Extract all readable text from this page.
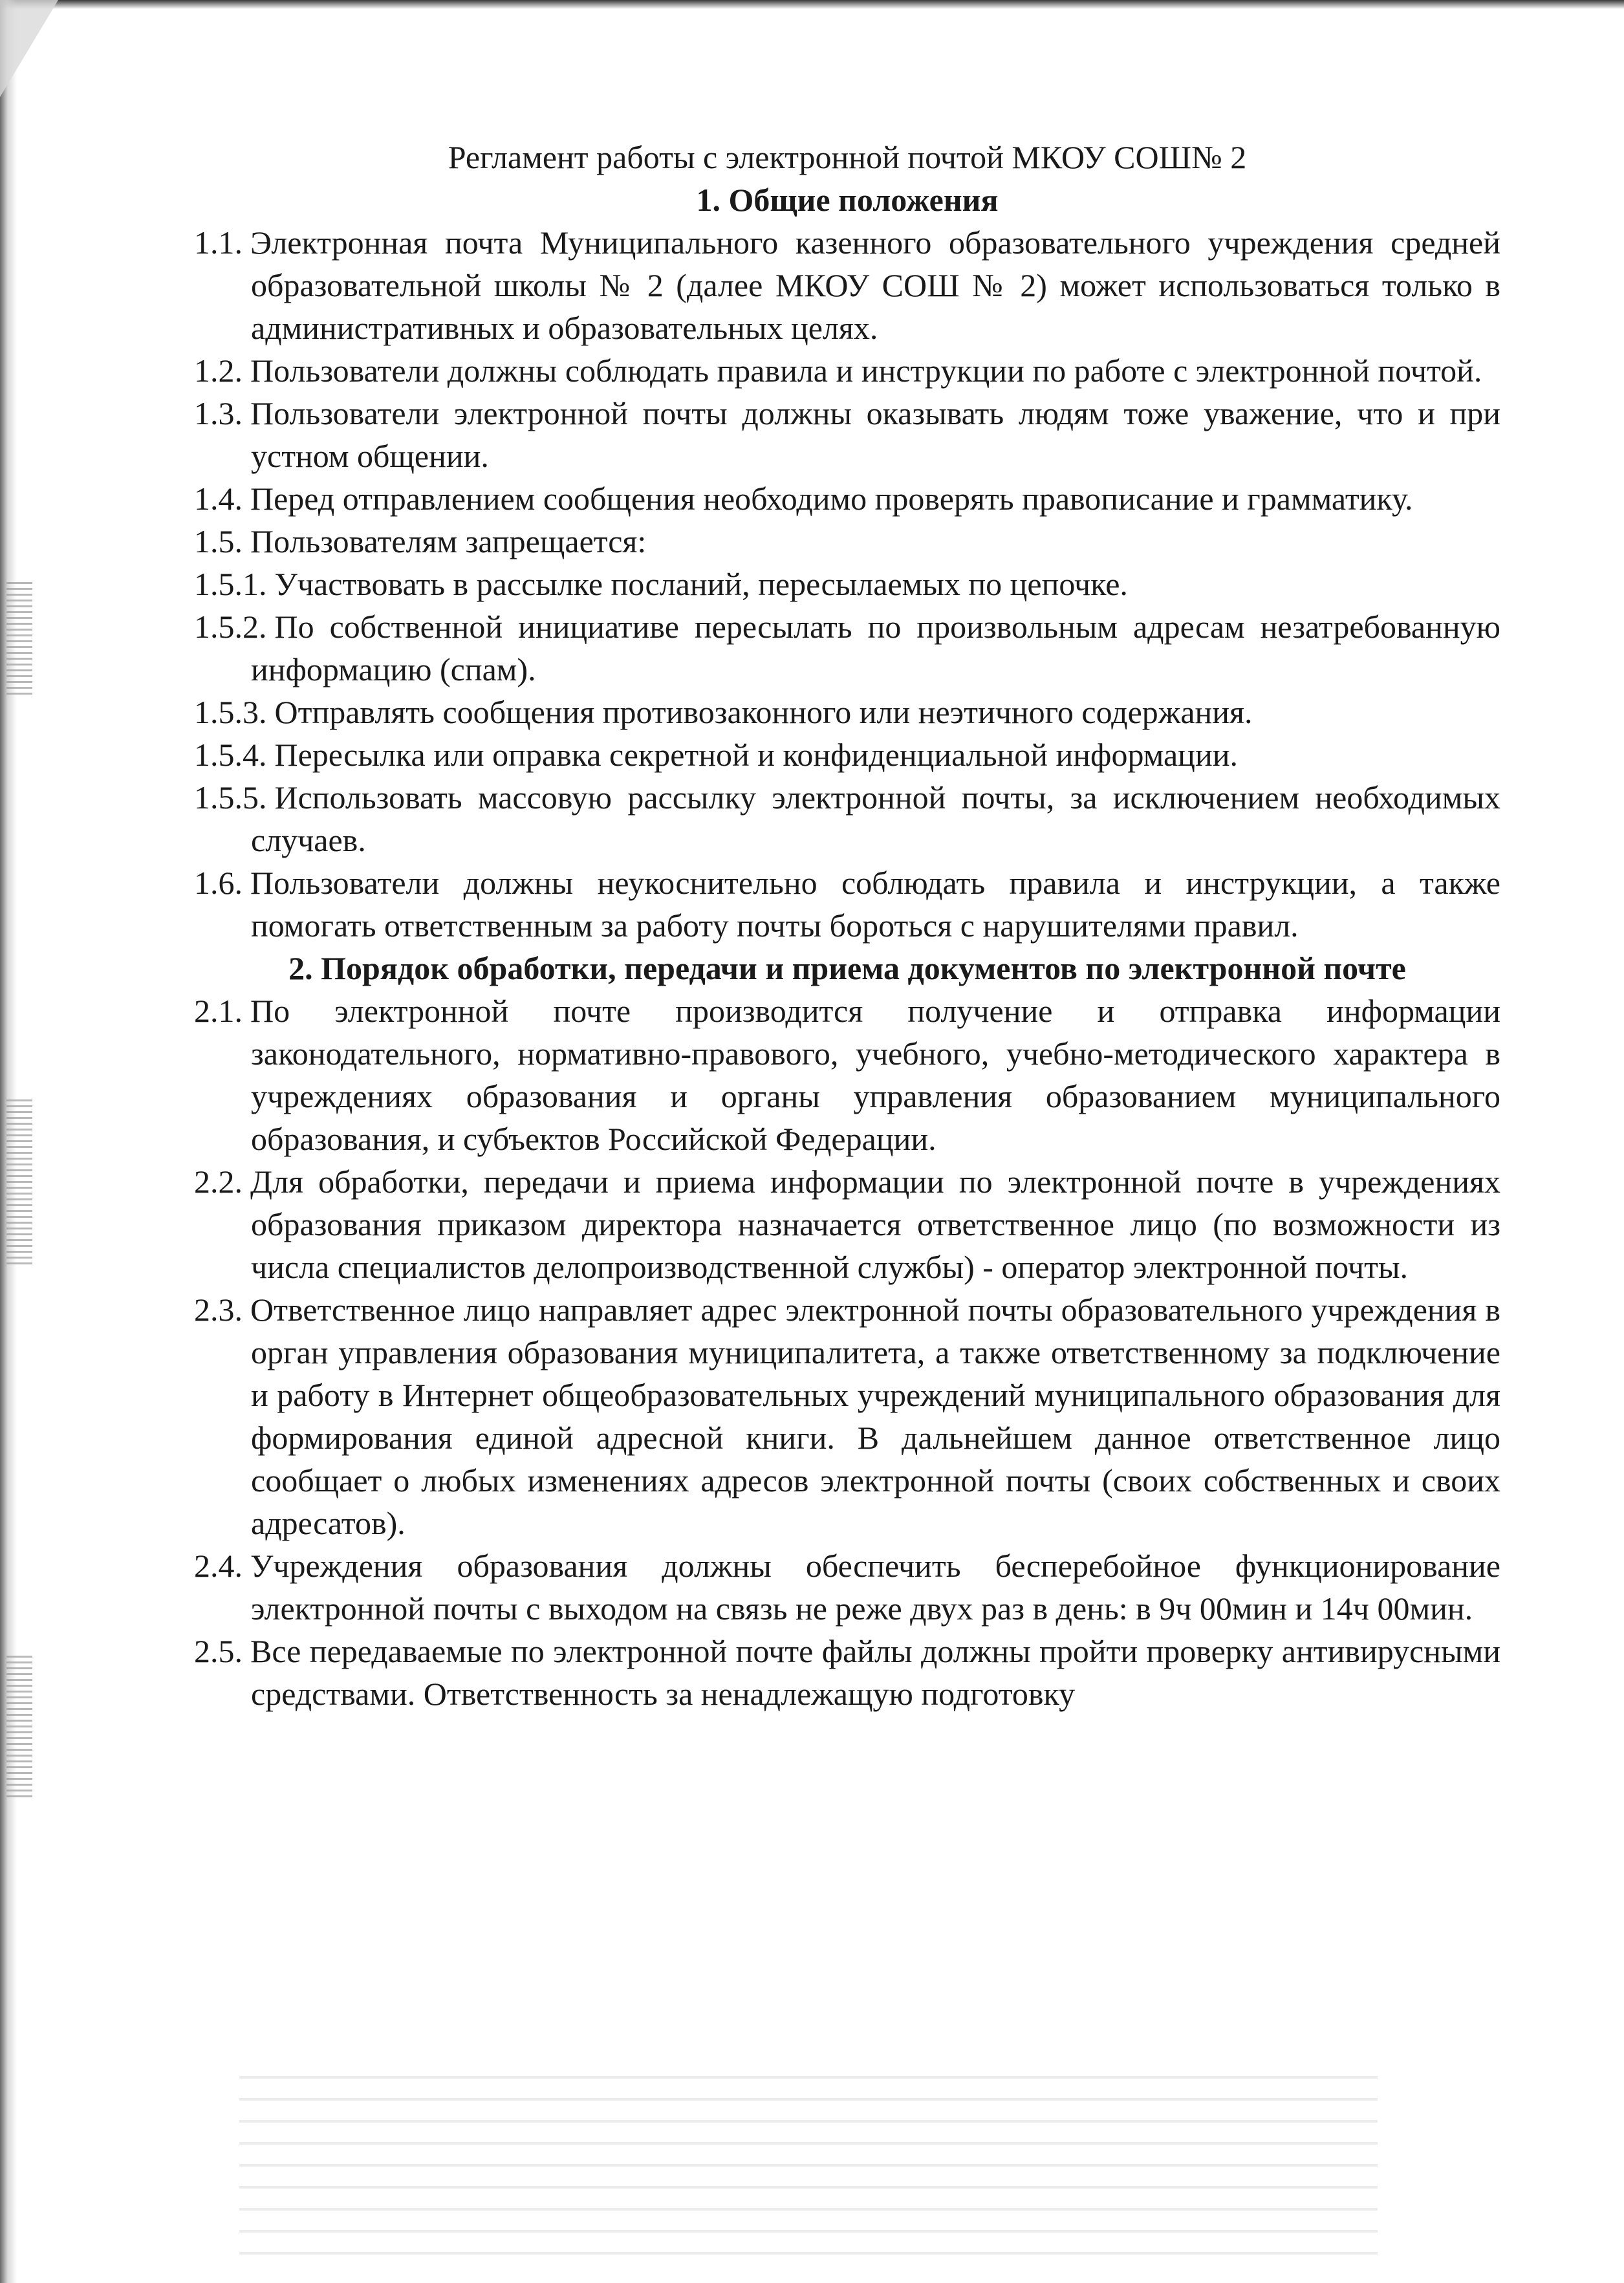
Регламент работы с электронной почтой МКОУ СОШ№ 2
1. Общие положения

1.1. Электронная почта Муниципального казенного образовательного учреждения средней образовательной школы № 2 (далее МКОУ СОШ № 2) может использоваться только в административных и образовательных целях.

1.2. Пользователи должны соблюдать правила и инструкции по работе с электронной почтой.

1.3. Пользователи электронной почты должны оказывать людям тоже уважение, что и при устном общении.

1.4. Перед отправлением сообщения необходимо проверять правописание и грамматику.

1.5. Пользователям запрещается:

1.5.1. Участвовать в рассылке посланий, пересылаемых по цепочке.

1.5.2. По собственной инициативе пересылать по произвольным адресам незатребованную информацию (спам).

1.5.3. Отправлять сообщения противозаконного или неэтичного содержания.

1.5.4. Пересылка или оправка секретной и конфиденциальной информации.

1.5.5. Использовать массовую рассылку электронной почты, за исключением необходимых случаев.

1.6. Пользователи должны неукоснительно соблюдать правила и инструкции, а также помогать ответственным за работу почты бороться с нарушителями правил.

2. Порядок обработки, передачи и приема документов по электронной почте

2.1. По электронной почте производится получение и отправка информации законодательного, нормативно-правового, учебного, учебно-методического характера в учреждениях образования и органы управления образованием муниципального образования, и субъектов Российской Федерации.

2.2. Для обработки, передачи и приема информации по электронной почте в учреждениях образования приказом директора назначается ответственное лицо (по возможности из числа специалистов делопроизводственной службы) - оператор электронной почты.

2.3. Ответственное лицо направляет адрес электронной почты образовательного учреждения в орган управления образования муниципалитета, а также ответственному за подключение и работу в Интернет общеобразовательных учреждений муниципального образования для формирования единой адресной книги. В дальнейшем данное ответственное лицо сообщает о любых изменениях адресов электронной почты (своих собственных и своих адресатов).

2.4. Учреждения образования должны обеспечить бесперебойное функционирование электронной почты с выходом на связь не реже двух раз в день: в 9ч 00мин и 14ч 00мин.

2.5. Все передаваемые по электронной почте файлы должны пройти проверку антивирусными средствами. Ответственность за ненадлежащую подготовку
